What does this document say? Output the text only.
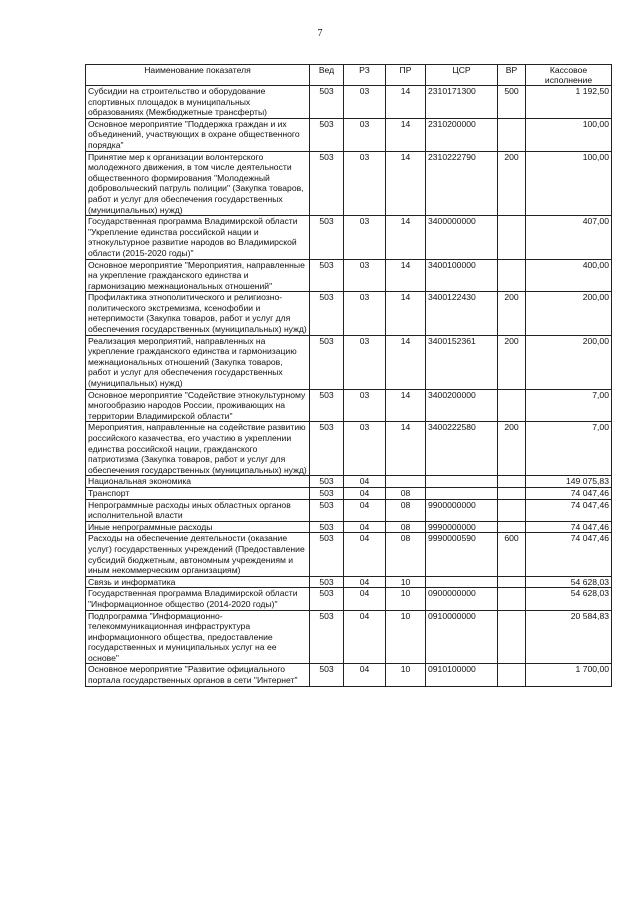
7
Наименование показателя	Вед	РЗ	ПР	ЦСР	ВР	Кассовое исполнение
Субсидии на строительство и оборудование спортивных площадок в муниципальных образованиях (Межбюджетные трансферты)	503	03	14	2310171300	500	1 192,50
Основное мероприятие "Поддержка граждан и их объединений, участвующих в охране общественного порядка"	503	03	14	2310200000		100,00
Принятие мер к организации волонтерского молодежного движения, в том числе деятельности общественного формирования "Молодежный добровольческий патруль полиции" (Закупка товаров, работ и услуг для обеспечения государственных (муниципальных) нужд)	503	03	14	2310222790	200	100,00
Государственная программа Владимирской области "Укрепление единства российской нации и этнокультурное развитие народов во Владимирской области (2015-2020 годы)"	503	03	14	3400000000		407,00
Основное мероприятие "Мероприятия, направленные на укрепление гражданского единства и гармонизацию межнациональных отношений"	503	03	14	3400100000		400,00
Профилактика этнополитического и религиозно-политического экстремизма, ксенофобии и нетерпимости (Закупка товаров, работ и услуг для обеспечения государственных (муниципальных) нужд)	503	03	14	3400122430	200	200,00
Реализация мероприятий, направленных на укрепление гражданского единства и гармонизацию межнациональных отношений (Закупка товаров, работ и услуг для обеспечения государственных (муниципальных) нужд)	503	03	14	3400152361	200	200,00
Основное мероприятие "Содействие этнокультурному многообразию народов России, проживающих на территории Владимирской области"	503	03	14	3400200000		7,00
Мероприятия, направленные на содействие развитию российского казачества, его участию в укреплении единства российской нации, гражданского патриотизма (Закупка товаров, работ и услуг для обеспечения государственных (муниципальных) нужд)	503	03	14	3400222580	200	7,00
Национальная экономика	503	04				149 075,83
Транспорт	503	04	08			74 047,46
Непрограммные расходы иных областных органов исполнительной власти	503	04	08	9900000000		74 047,46
Иные непрограммные расходы	503	04	08	9990000000		74 047,46
Расходы на обеспечение деятельности (оказание услуг) государственных учреждений (Предоставление субсидий бюджетным, автономным учреждениям и иным некоммерческим организациям)	503	04	08	9990000590	600	74 047,46
Связь и информатика	503	04	10			54 628,03
Государственная программа Владимирской области "Информационное общество (2014-2020 годы)"	503	04	10	0900000000		54 628,03
Подпрограмма "Информационно-телекоммуникационная инфраструктура информационного общества, предоставление государственных и муниципальных услуг на ее основе"	503	04	10	0910000000		20 584,83
Основное мероприятие "Развитие официального портала государственных органов в сети "Интернет"	503	04	10	0910100000		1 700,00
